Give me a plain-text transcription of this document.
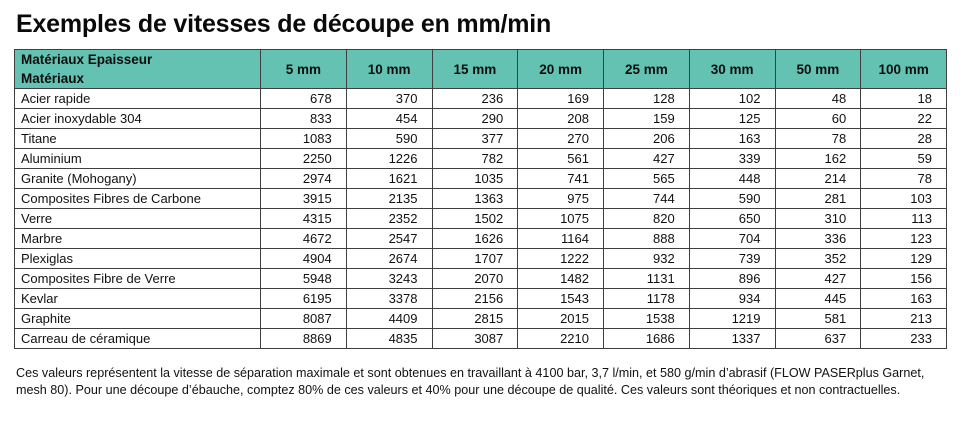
Exemples de vitesses de découpe en mm/min
Matériaux Epaisseur
Matériaux	5 mm	10 mm	15 mm	20 mm	25 mm	30 mm	50 mm	100 mm
Acier rapide	678	370	236	169	128	102	48	18
Acier inoxydable 304	833	454	290	208	159	125	60	22
Titane	1083	590	377	270	206	163	78	28
Aluminium	2250	1226	782	561	427	339	162	59
Granite (Mohogany)	2974	1621	1035	741	565	448	214	78
Composites Fibres de Carbone	3915	2135	1363	975	744	590	281	103
Verre	4315	2352	1502	1075	820	650	310	113
Marbre	4672	2547	1626	1164	888	704	336	123
Plexiglas	4904	2674	1707	1222	932	739	352	129
Composites Fibre de Verre	5948	3243	2070	1482	1131	896	427	156
Kevlar	6195	3378	2156	1543	1178	934	445	163
Graphite	8087	4409	2815	2015	1538	1219	581	213
Carreau de céramique	8869	4835	3087	2210	1686	1337	637	233
Ces valeurs représentent la vitesse de séparation maximale et sont obtenues en travaillant à 4100 bar, 3,7 l/min, et 580 g/min d’abrasif (FLOW PASERplus Garnet, mesh 80). Pour une découpe d’ébauche, comptez 80% de ces valeurs et 40% pour une découpe de qualité. Ces valeurs sont théoriques et non contractuelles.
